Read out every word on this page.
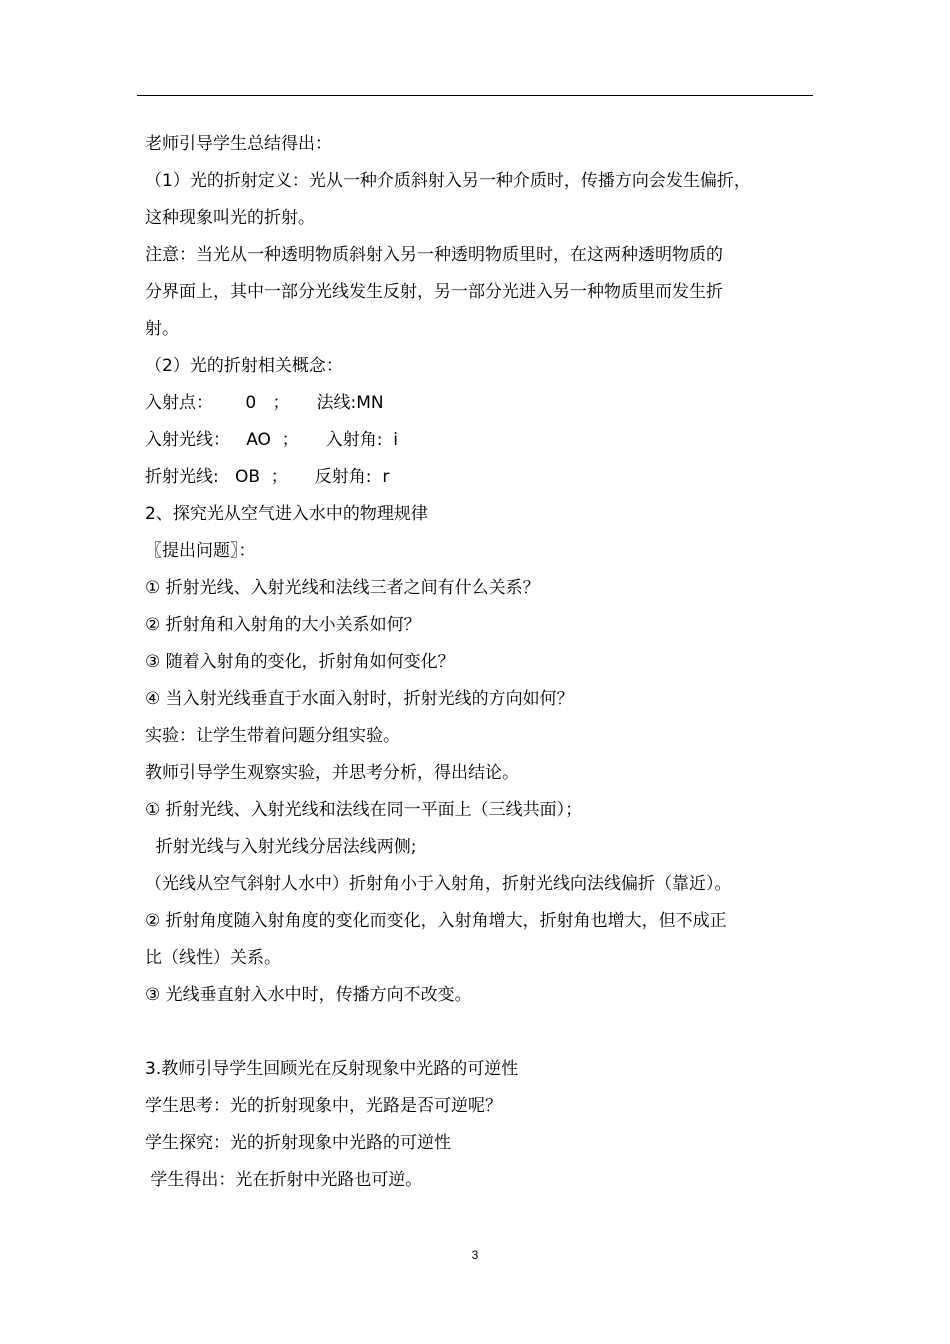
老师引导学生总结得出：
（1）光的折射定义：光从一种介质斜射入另一种介质时，传播方向会发生偏折，
这种现象叫光的折射。
注意：当光从一种透明物质斜射入另一种透明物质里时，在这两种透明物质的
分界面上，其中一部分光线发生反射，另一部分光进入另一种物质里而发生折
射。
（2）光的折射相关概念：
入射点：      0   ；     法线:MN
入射光线：   AO  ；     入射角:  i
折射光线:   OB  ；     反射角:  r
2、探究光从空气进入水中的物理规律
〖提出问题〗：
① 折射光线、入射光线和法线三者之间有什么关系？
② 折射角和入射角的大小关系如何？
③ 随着入射角的变化，折射角如何变化？
④ 当入射光线垂直于水面入射时，折射光线的方向如何？
实验：让学生带着问题分组实验。
教师引导学生观察实验，并思考分析，得出结论。
① 折射光线、入射光线和法线在同一平面上（三线共面）；
折射光线与入射光线分居法线两侧;
（光线从空气斜射人水中）折射角小于入射角，折射光线向法线偏折（靠近）。
② 折射角度随入射角度的变化而变化，入射角增大，折射角也增大，但不成正
比（线性）关系。
③ 光线垂直射入水中时，传播方向不改变。
3.教师引导学生回顾光在反射现象中光路的可逆性
学生思考：光的折射现象中，光路是否可逆呢？
学生探究：光的折射现象中光路的可逆性
学生得出：光在折射中光路也可逆。
3
